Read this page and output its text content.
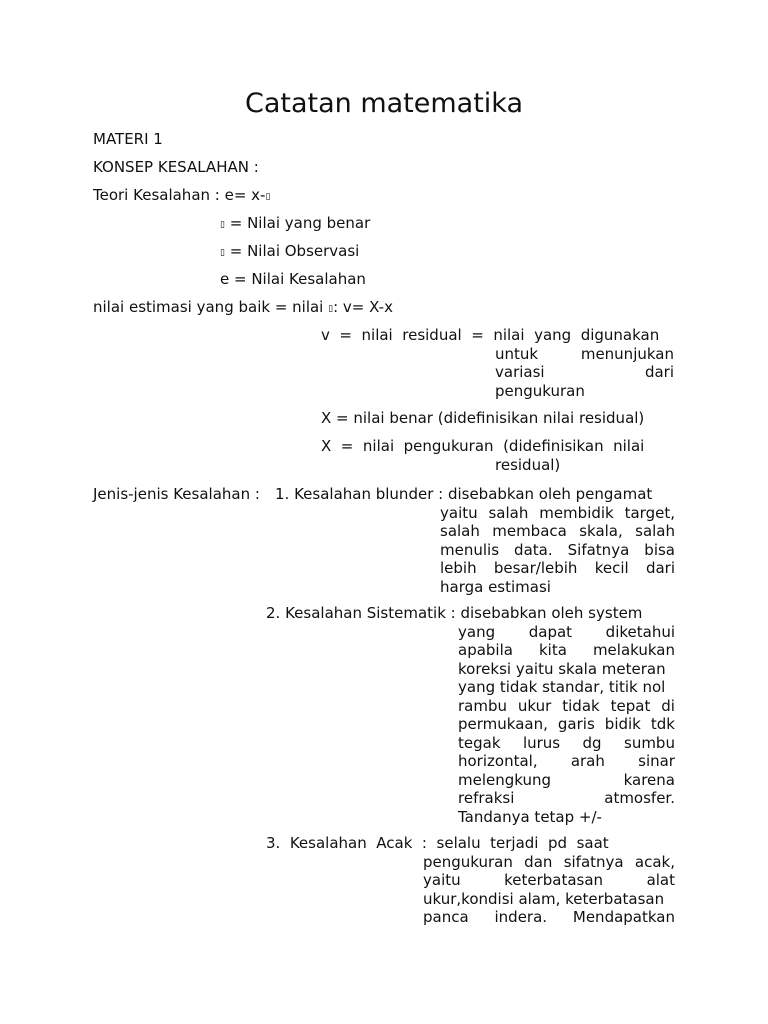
Catatan matematika
MATERI 1
KONSEP KESALAHAN :
Teori Kesalahan : e= x-▯
▯ = Nilai yang benar
▯ = Nilai Observasi
e = Nilai Kesalahan
nilai estimasi yang baik = nilai ▯: v= X-x
v  =  nilai  residual  =  nilai  yang  digunakan
untuk	menunjukan
variasi	dari
pengukuran
X = nilai benar (didefinisikan nilai residual)
X  =  nilai  pengukuran  (didefinisikan  nilai
residual)
Jenis-jenis Kesalahan : 1. Kesalahan blunder : disebabkan oleh pengamat
yaitu salah membidik target,
salah membaca skala, salah
menulis data. Sifatnya bisa
lebih besar/lebih kecil dari
harga estimasi
2. Kesalahan Sistematik : disebabkan oleh system
yang dapat diketahui
apabila kita melakukan
koreksi yaitu skala meteran
yang tidak standar, titik nol
rambu ukur tidak tepat di
permukaan, garis bidik tdk
tegak lurus dg sumbu
horizontal, arah sinar
melengkung	karena
refraksi	atmosfer.
Tandanya tetap +/-
3.  Kesalahan  Acak  :  selalu  terjadi  pd  saat
pengukuran dan sifatnya acak,
yaitu	keterbatasan	alat
ukur,kondisi alam, keterbatasan
panca indera. Mendapatkan
